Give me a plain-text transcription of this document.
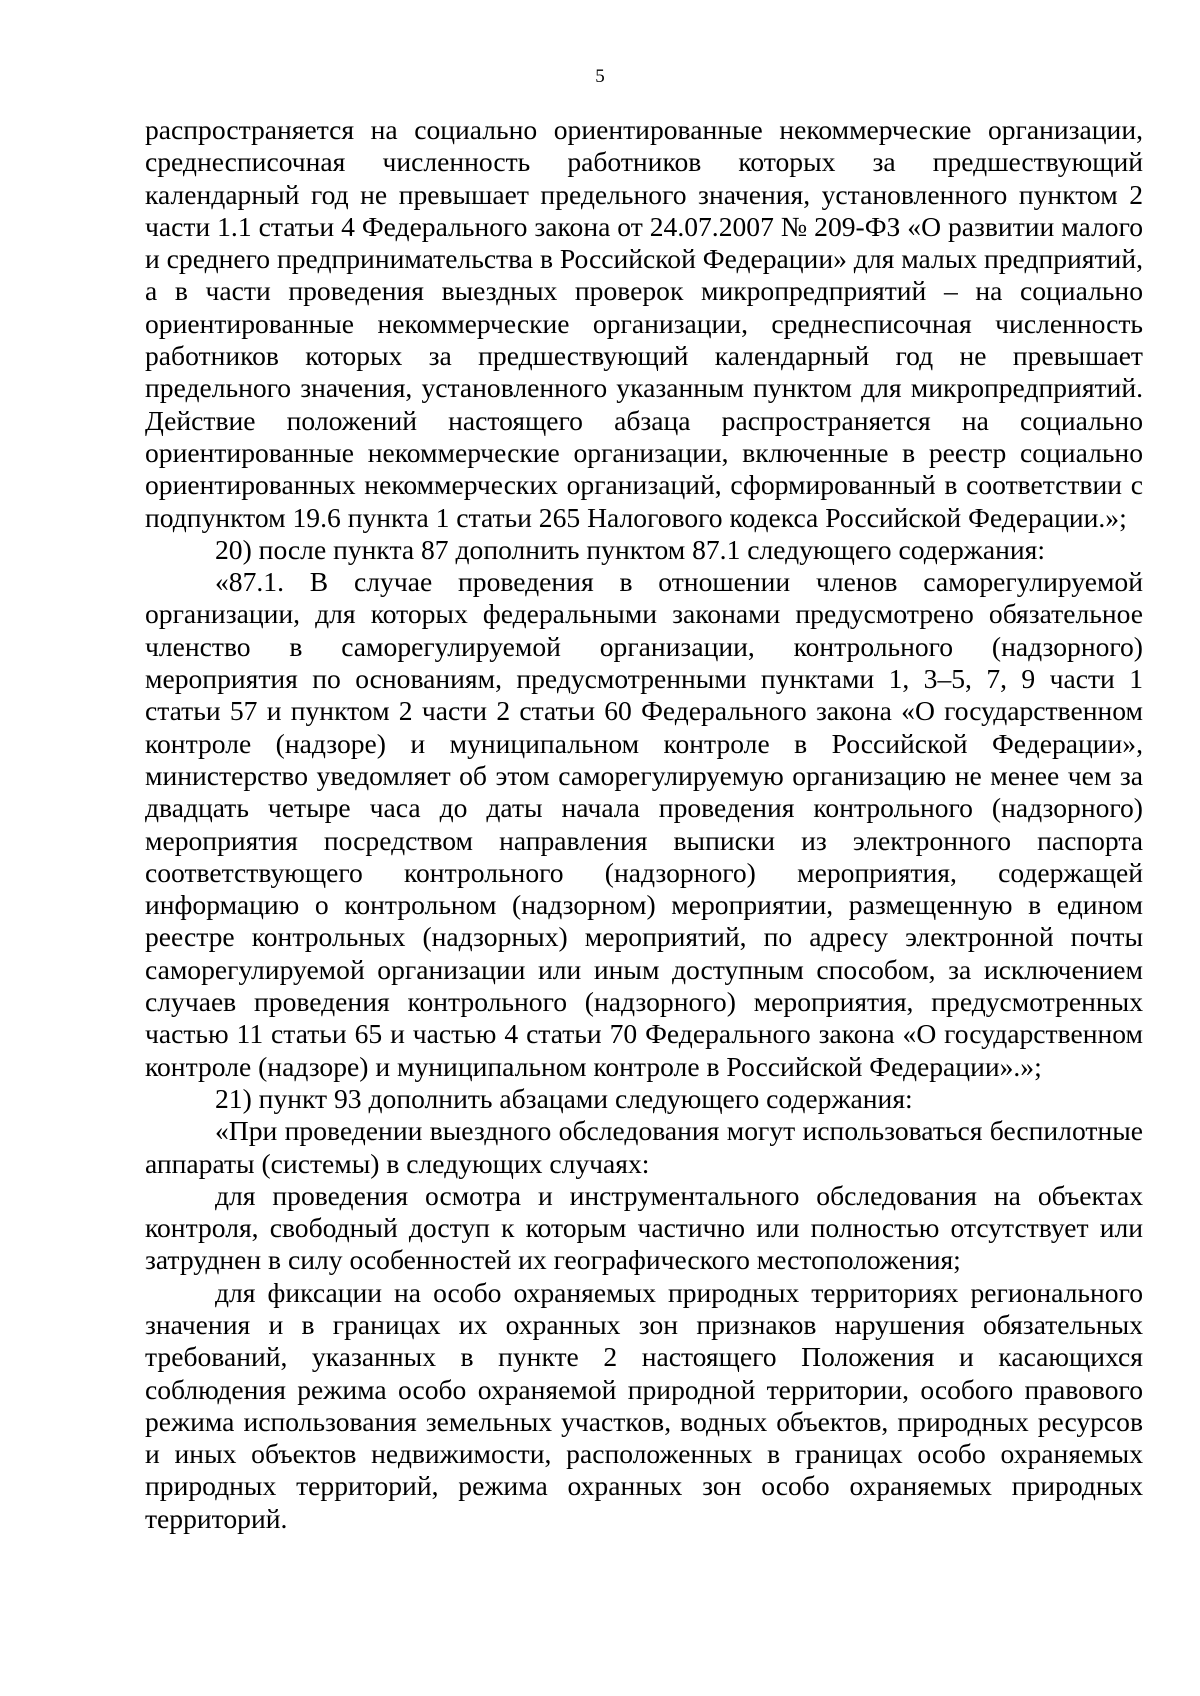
5

распространяется на социально ориентированные некоммерческие организации, среднесписочная численность работников которых за предшествующий календарный год не превышает предельного значения, установленного пунктом 2 части 1.1 статьи 4 Федерального закона от 24.07.2007 № 209-ФЗ «О развитии малого и среднего предпринимательства в Российской Федерации» для малых предприятий, а в части проведения выездных проверок микропредприятий – на социально ориентированные некоммерческие организации, среднесписочная численность работников которых за предшествующий календарный год не превышает предельного значения, установленного указанным пунктом для микропредприятий. Действие положений настоящего абзаца распространяется на социально ориентированные некоммерческие организации, включенные в реестр социально ориентированных некоммерческих организаций, сформированный в соответствии с подпунктом 19.6 пункта 1 статьи 265 Налогового кодекса Российской Федерации.»;

20) после пункта 87 дополнить пунктом 87.1 следующего содержания:

«87.1. В случае проведения в отношении членов саморегулируемой организации, для которых федеральными законами предусмотрено обязательное членство в саморегулируемой организации, контрольного (надзорного) мероприятия по основаниям, предусмотренными пунктами 1, 3–5, 7, 9 части 1 статьи 57 и пунктом 2 части 2 статьи 60 Федерального закона «О государственном контроле (надзоре) и муниципальном контроле в Российской Федерации», министерство уведомляет об этом саморегулируемую организацию не менее чем за двадцать четыре часа до даты начала проведения контрольного (надзорного) мероприятия посредством направления выписки из электронного паспорта соответствующего контрольного (надзорного) мероприятия, содержащей информацию о контрольном (надзорном) мероприятии, размещенную в едином реестре контрольных (надзорных) мероприятий, по адресу электронной почты саморегулируемой организации или иным доступным способом, за исключением случаев проведения контрольного (надзорного) мероприятия, предусмотренных частью 11 статьи 65 и частью 4 статьи 70 Федерального закона «О государственном контроле (надзоре) и муниципальном контроле в Российской Федерации».»;

21) пункт 93 дополнить абзацами следующего содержания:

«При проведении выездного обследования могут использоваться беспилотные аппараты (системы) в следующих случаях:

для проведения осмотра и инструментального обследования на объектах контроля, свободный доступ к которым частично или полностью отсутствует или затруднен в силу особенностей их географического местоположения;

для фиксации на особо охраняемых природных территориях регионального значения и в границах их охранных зон признаков нарушения обязательных требований, указанных в пункте 2 настоящего Положения и касающихся соблюдения режима особо охраняемой природной территории, особого правового режима использования земельных участков, водных объектов, природных ресурсов и иных объектов недвижимости, расположенных в границах особо охраняемых природных территорий, режима охранных зон особо охраняемых природных территорий.
